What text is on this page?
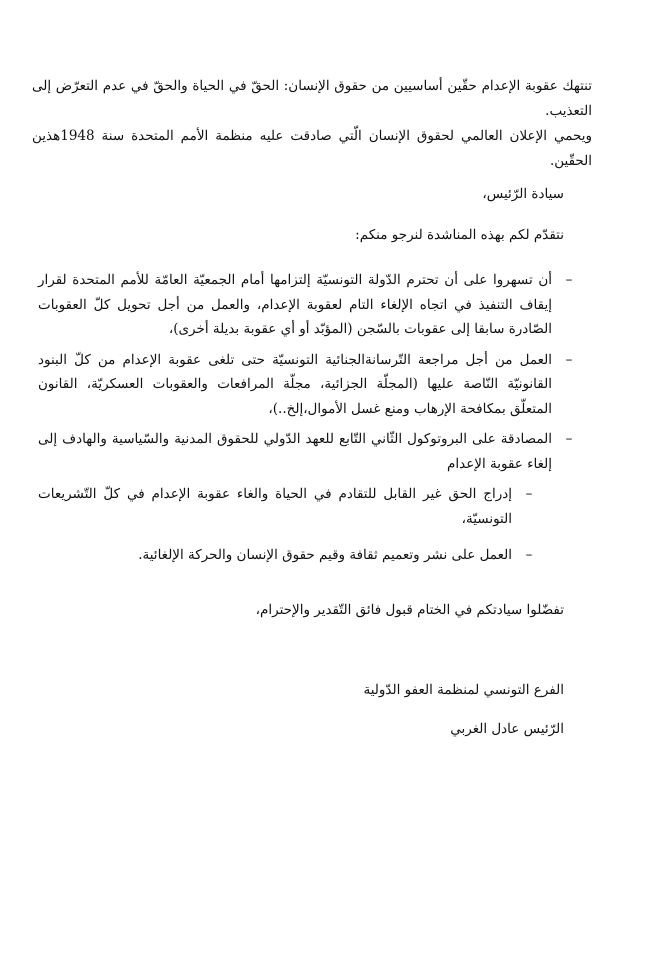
تنتهك عقوبة الإعدام حقّين أساسيين من حقوق الإنسان: الحقّ في الحياة والحقّ في عدم التعرّض إلى التعذيب.

ويحمي الإعلان العالمي لحقوق الإنسان الّتي صادقت عليه منظمة الأمم المتحدة سنة 1948هذين الحقّين.

سيادة الرّئيس،
نتقدّم لكم بهذه المناشدة لنرجو منكم:
–
أن تسهروا على أن تحترم الدّولة التونسيّة إلتزامها أمام الجمعيّة العامّة للأمم المتحدة لقرار إيقاف التنفيذ في اتجاه الإلغاء التام لعقوبة الإعدام، والعمل من أجل تحويل كلّ العقوبات الصّادرة سابقا إلى عقوبات بالسّجن (المؤبّد أو أي عقوبة بديلة أخرى)،
–
العمل من أجل مراجعة التّرسانةالجنائية التونسيّة حتى تلغى عقوبة الإعدام من كلّ البنود القانونيّة النّاصة عليها (المجلّة الجزائية، مجلّة المرافعات والعقوبات العسكريّة، القانون المتعلّق بمكافحة الإرهاب ومنع غسل الأموال،إلخ..)،
–
المصادقة على البروتوكول الثّاني التّابع للعهد الدّولي للحقوق المدنية والسّياسية والهادف إلى إلغاء عقوبة الإعدام
–
إدراج الحق غير القابل للتقادم في الحياة والغاء عقوبة الإعدام في كلّ التّشريعات التونسيّة،
–
العمل على نشر وتعميم ثقافة وقيم حقوق الإنسان والحركة الإلغائية.
تفضّلوا سيادتكم في الختام قبول فائق التّقدير والإحترام،
الفرع التونسي لمنظمة العفو الدّولية
الرّئيس عادل الغربي
